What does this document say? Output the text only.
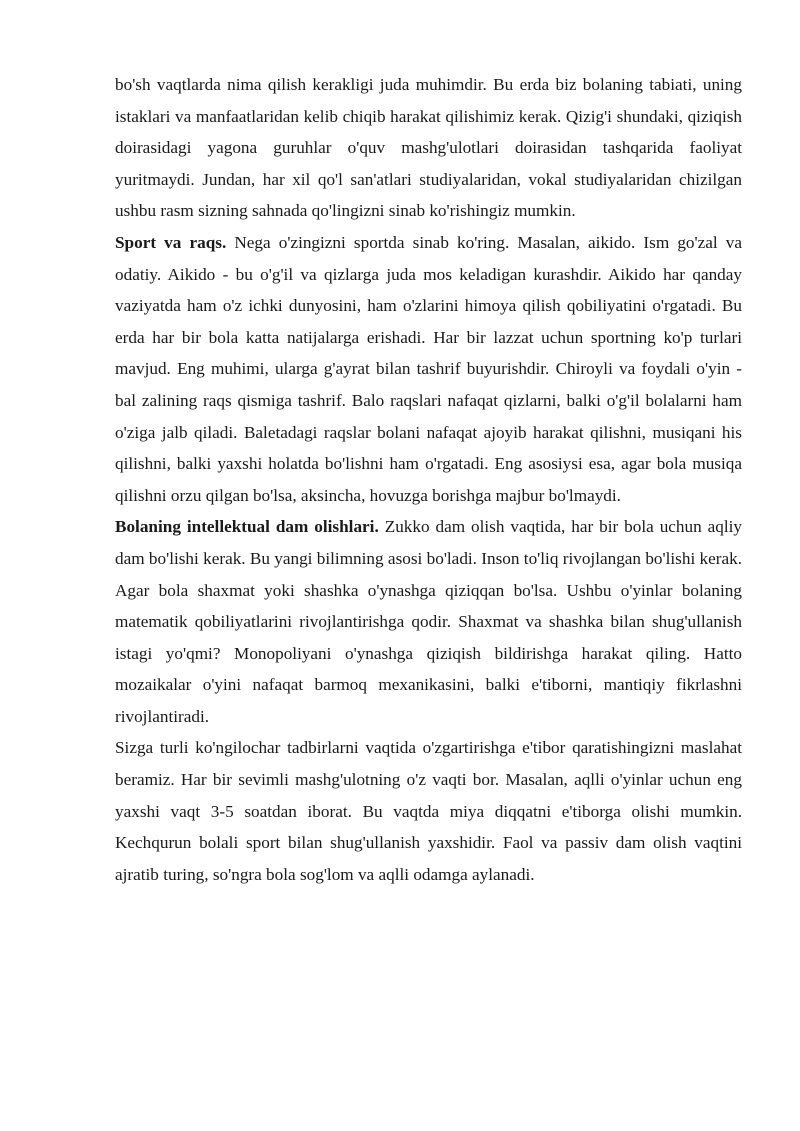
bo'sh vaqtlarda nima qilish kerakligi juda muhimdir. Bu erda biz bolaning tabiati, uning istaklari va manfaatlaridan kelib chiqib harakat qilishimiz kerak. Qizig'i shundaki, qiziqish doirasidagi yagona guruhlar o'quv mashg'ulotlari doirasidan tashqarida faoliyat yuritmaydi. Jundan, har xil qo'l san'atlari studiyalaridan, vokal studiyalaridan chizilgan ushbu rasm sizning sahnada qo'lingizni sinab ko'rishingiz mumkin.

Sport va raqs. Nega o'zingizni sportda sinab ko'ring. Masalan, aikido. Ism go'zal va odatiy. Aikido - bu o'g'il va qizlarga juda mos keladigan kurashdir. Aikido har qanday vaziyatda ham o'z ichki dunyosini, ham o'zlarini himoya qilish qobiliyatini o'rgatadi. Bu erda har bir bola katta natijalarga erishadi. Har bir lazzat uchun sportning ko'p turlari mavjud. Eng muhimi, ularga g'ayrat bilan tashrif buyurishdir. Chiroyli va foydali o'yin - bal zalining raqs qismiga tashrif. Balo raqslari nafaqat qizlarni, balki o'g'il bolalarni ham o'ziga jalb qiladi. Baletadagi raqslar bolani nafaqat ajoyib harakat qilishni, musiqani his qilishni, balki yaxshi holatda bo'lishni ham o'rgatadi. Eng asosiysi esa, agar bola musiqa qilishni orzu qilgan bo'lsa, aksincha, hovuzga borishga majbur bo'lmaydi.

Bolaning intellektual dam olishlari. Zukko dam olish vaqtida, har bir bola uchun aqliy dam bo'lishi kerak. Bu yangi bilimning asosi bo'ladi. Inson to'liq rivojlangan bo'lishi kerak. Agar bola shaxmat yoki shashka o'ynashga qiziqqan bo'lsa. Ushbu o'yinlar bolaning matematik qobiliyatlarini rivojlantirishga qodir. Shaxmat va shashka bilan shug'ullanish istagi yo'qmi? Monopoliyani o'ynashga qiziqish bildirishga harakat qiling. Hatto mozaikalar o'yini nafaqat barmoq mexanikasini, balki e'tiborni, mantiqiy fikrlashni rivojlantiradi.

Sizga turli ko'ngilochar tadbirlarni vaqtida o'zgartirishga e'tibor qaratishingizni maslahat beramiz. Har bir sevimli mashg'ulotning o'z vaqti bor. Masalan, aqlli o'yinlar uchun eng yaxshi vaqt 3-5 soatdan iborat. Bu vaqtda miya diqqatni e'tiborga olishi mumkin. Kechqurun bolali sport bilan shug'ullanish yaxshidir. Faol va passiv dam olish vaqtini ajratib turing, so'ngra bola sog'lom va aqlli odamga aylanadi.
